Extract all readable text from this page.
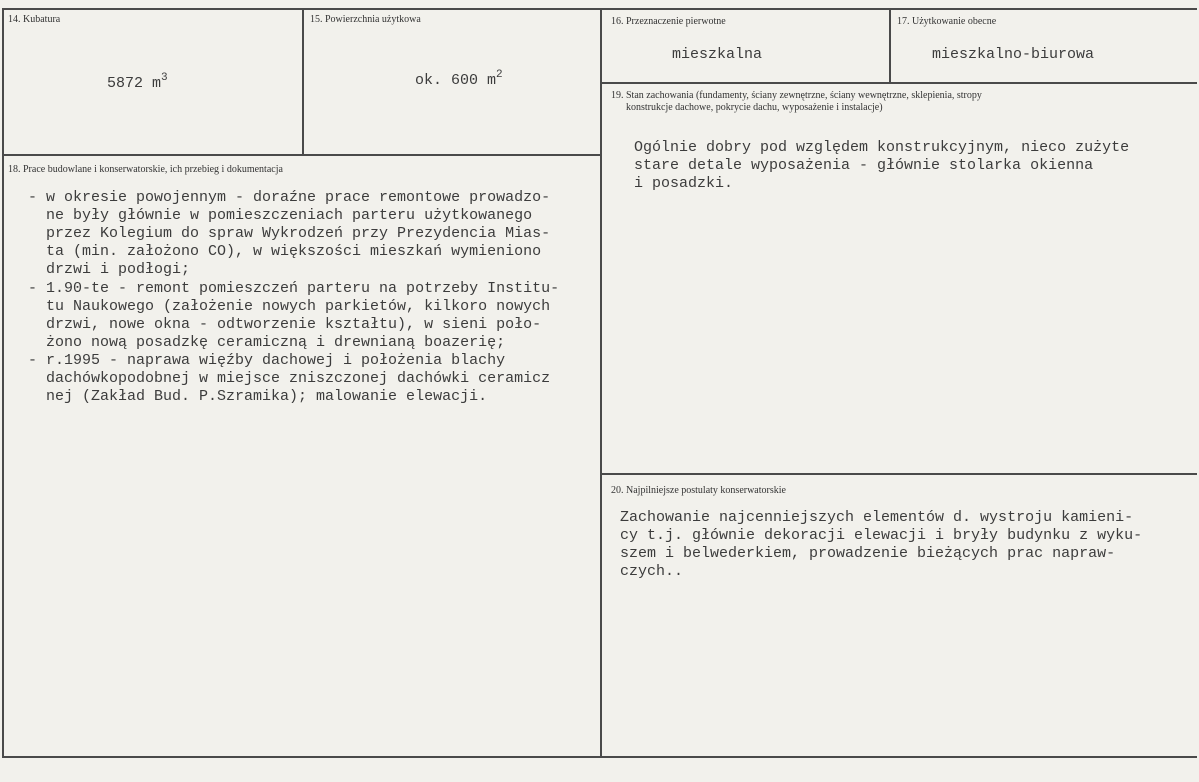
14. Kubatura
5872 $m^3$
15. Powierzchnia użytkowa
ok. 600 $m^2$
16. Przeznaczenie pierwotne
mieszkalna
17. Użytkowanie obecne
mieszkalno-biurowa
18. Prace budowlane i konserwatorskie, ich przebieg i dokumentacja
- w okresie powojennym - doraźne prace remontowe prowadzo-
ne były głównie w pomieszczeniach parteru użytkowanego
przez Kolegium do spraw Wykrodzeń przy Prezydencia Mias-
ta (min. założono CO), w większości mieszkań wymieniono
drzwi i podłogi;
- 1.90-te - remont pomieszczeń parteru na potrzeby Institu-
tu Naukowego (założenie nowych parkietów, kilkoro nowych
drzwi, nowe okna - odtworzenie kształtu), w sieni poło-
żono nową posadzkę ceramiczną i drewnianą boazerię;
- r.1995 - naprawa więźby dachowej i położenia blachy
dachówkopodobnej w miejsce zniszczonej dachówki ceramicz
nej (Zakład Bud. P.Szramika); malowanie elewacji.
19. Stan zachowania (fundamenty, ściany zewnętrzne, ściany wewnętrzne, sklepienia, stropy
konstrukcje dachowe, pokrycie dachu, wyposażenie i instalacje)
Ogólnie dobry pod względem konstrukcyjnym, nieco zużyte
stare detale wyposażenia - głównie stolarka okienna
i posadzki.
20. Najpilniejsze postulaty konserwatorskie
Zachowanie najcenniejszych elementów d. wystroju kamieni-
cy t.j. głównie dekoracji elewacji i bryły budynku z wyku-
szem i belwederkiem, prowadzenie bieżących prac napraw-
czych..
